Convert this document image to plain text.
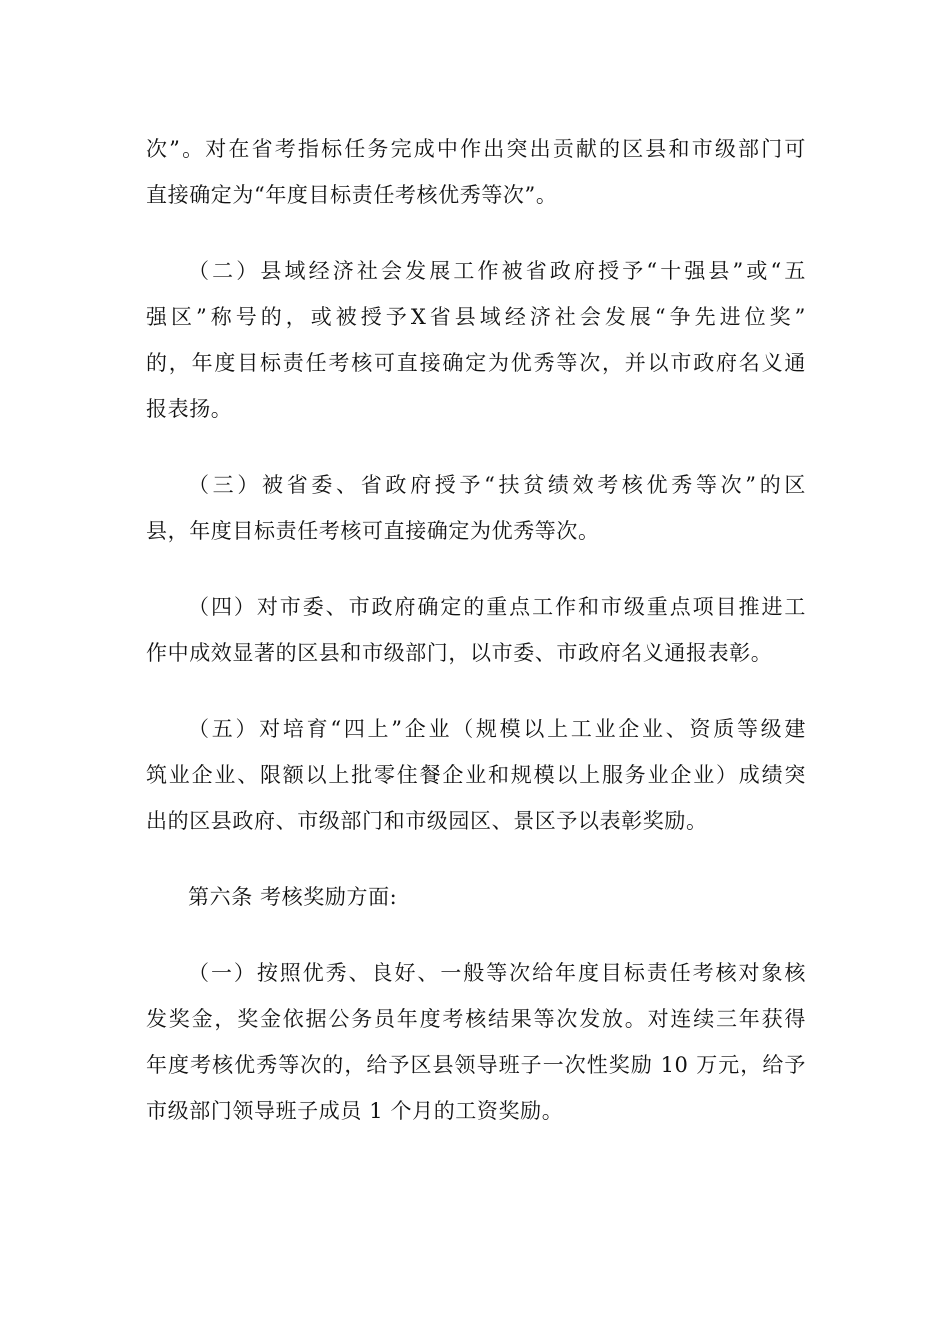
次”。对在省考指标任务完成中作出突出贡献的区县和市级部门可
直接确定为“年度目标责任考核优秀等次”。

（二）县域经济社会发展工作被省政府授予“十强县”或“五
强区”称号的，或被授予X省县域经济社会发展“争先进位奖”
的，年度目标责任考核可直接确定为优秀等次，并以市政府名义通
报表扬。

（三）被省委、省政府授予“扶贫绩效考核优秀等次”的区
县，年度目标责任考核可直接确定为优秀等次。

（四）对市委、市政府确定的重点工作和市级重点项目推进工
作中成效显著的区县和市级部门，以市委、市政府名义通报表彰。

（五）对培育“四上”企业（规模以上工业企业、资质等级建
筑业企业、限额以上批零住餐企业和规模以上服务业企业）成绩突
出的区县政府、市级部门和市级园区、景区予以表彰奖励。

第六条 考核奖励方面:

（一）按照优秀、良好、一般等次给年度目标责任考核对象核
发奖金，奖金依据公务员年度考核结果等次发放。对连续三年获得
年度考核优秀等次的，给予区县领导班子一次性奖励 10 万元，给予
市级部门领导班子成员 1 个月的工资奖励。
